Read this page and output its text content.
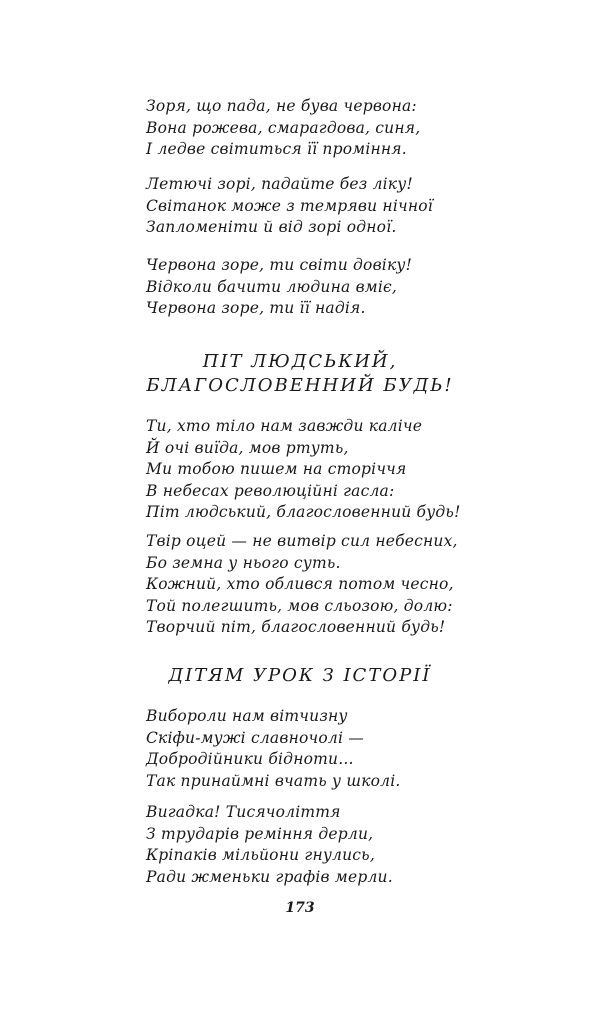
Зоря, що пада, не бува червона:
Вона рожева, смарагдова, синя,
І ледве світиться її проміння.
Летючі зорі, падайте без ліку!
Світанок може з темряви нічної
Запломеніти й від зорі одної.
Червона зоре, ти світи довіку!
Відколи бачити людина вміє,
Червона зоре, ти її надія.
ПІТ ЛЮДСЬКИЙ,
БЛАГОСЛОВЕННИЙ БУДЬ!
Ти, хто тіло нам завжди каліче
Й очі виїда, мов ртуть,
Ми тобою пишем на сторіччя
В небесах революційні гасла:
Піт людський, благословенний будь!
Твір оцей — не витвір сил небесних,
Бо земна у нього суть.
Кожний, хто облився потом чесно,
Той полегшить, мов сльозою, долю:
Творчий піт, благословенний будь!
ДІТЯМ УРОК З ІСТОРІЇ
Вибороли нам вітчизну
Скіфи-мужі славночолі —
Добродійники бідноти...
Так принаймні вчать у школі.
Вигадка! Тисячоліття
З трударів реміння дерли,
Кріпаків мільйони гнулись,
Ради жменьки графів мерли.
173
